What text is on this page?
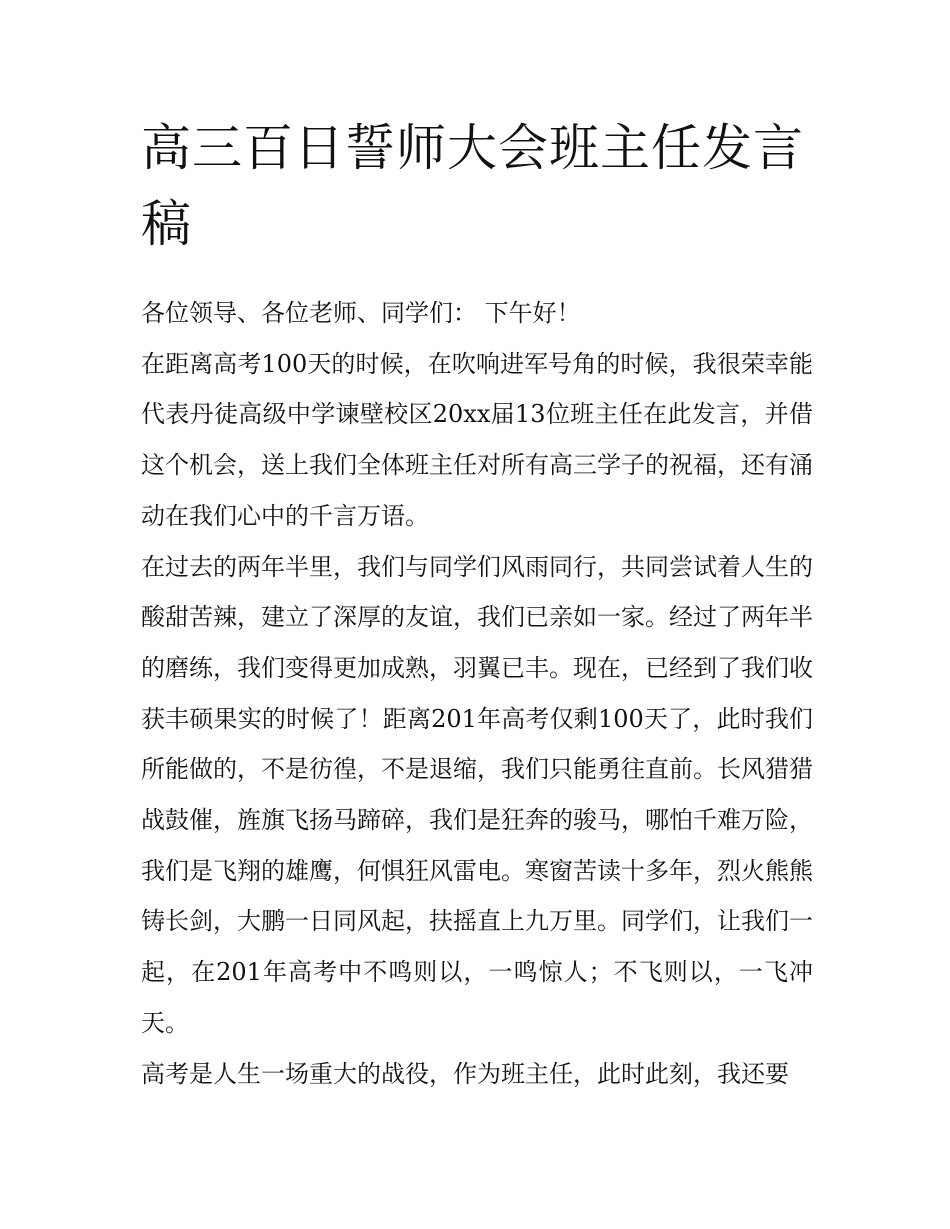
高三百日誓师大会班主任发言稿

各位领导、各位老师、同学们： 下午好！

在距离高考100天的时候，在吹响进军号角的时候，我很荣幸能代表丹徒高级中学谏壁校区20xx届13位班主任在此发言，并借这个机会，送上我们全体班主任对所有高三学子的祝福，还有涌动在我们心中的千言万语。

在过去的两年半里，我们与同学们风雨同行，共同尝试着人生的酸甜苦辣，建立了深厚的友谊，我们已亲如一家。经过了两年半的磨练，我们变得更加成熟，羽翼已丰。现在，已经到了我们收获丰硕果实的时候了！距离201年高考仅剩100天了，此时我们所能做的，不是彷徨，不是退缩，我们只能勇往直前。长风猎猎战鼓催，旌旗飞扬马蹄碎，我们是狂奔的骏马，哪怕千难万险，我们是飞翔的雄鹰，何惧狂风雷电。寒窗苦读十多年，烈火熊熊铸长剑，大鹏一日同风起，扶摇直上九万里。同学们，让我们一起，在201年高考中不鸣则以，一鸣惊人；不飞则以，一飞冲天。

高考是人生一场重大的战役，作为班主任，此时此刻，我还要
